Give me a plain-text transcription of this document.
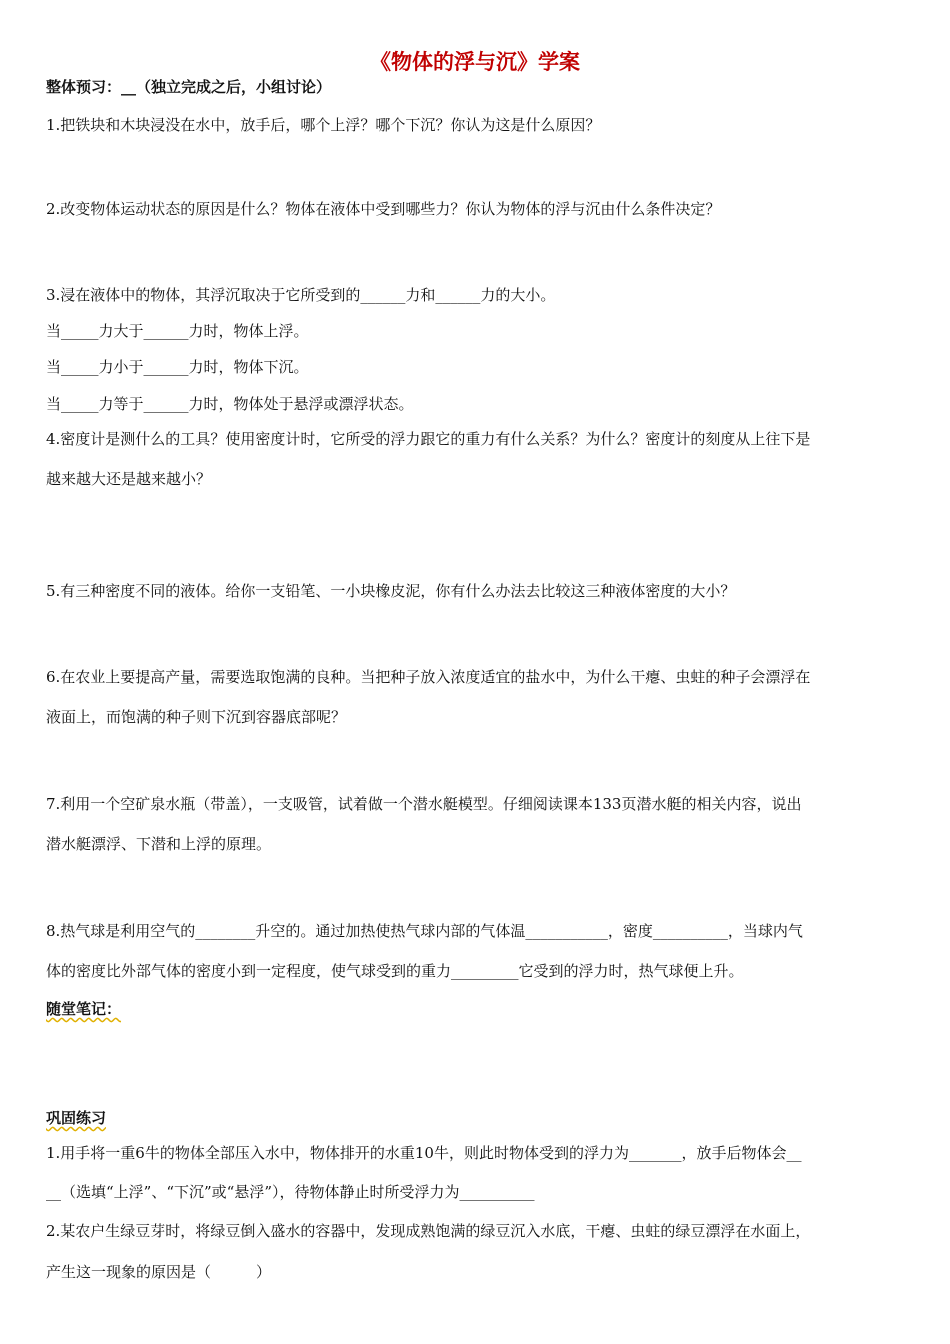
《物体的浮与沉》学案
整体预习：__（独立完成之后，小组讨论）
1.把铁块和木块浸没在水中，放手后，哪个上浮？哪个下沉？你认为这是什么原因？
2.改变物体运动状态的原因是什么？物体在液体中受到哪些力？你认为物体的浮与沉由什么条件决定？
3.浸在液体中的物体，其浮沉取决于它所受到的______力和______力的大小。
当_____力大于______力时，物体上浮。
当_____力小于______力时，物体下沉。
当_____力等于______力时，物体处于悬浮或漂浮状态。
4.密度计是测什么的工具？使用密度计时，它所受的浮力跟它的重力有什么关系？为什么？密度计的刻度从上往下是
越来越大还是越来越小？
5.有三种密度不同的液体。给你一支铅笔、一小块橡皮泥，你有什么办法去比较这三种液体密度的大小？
6.在农业上要提高产量，需要选取饱满的良种。当把种子放入浓度适宜的盐水中，为什么干瘪、虫蛀的种子会漂浮在
液面上，而饱满的种子则下沉到容器底部呢？
7.利用一个空矿泉水瓶（带盖），一支吸管，试着做一个潜水艇模型。仔细阅读课本133页潜水艇的相关内容，说出
潜水艇漂浮、下潜和上浮的原理。
8.热气球是利用空气的________升空的。通过加热使热气球内部的气体温___________，密度__________，当球内气
体的密度比外部气体的密度小到一定程度，使气球受到的重力_________它受到的浮力时，热气球便上升。
随堂笔记：
巩固练习
1.用手将一重6牛的物体全部压入水中，物体排开的水重10牛，则此时物体受到的浮力为_______，放手后物体会__
__（选填“上浮”、“下沉”或“悬浮”），待物体静止时所受浮力为__________
2.某农户生绿豆芽时，将绿豆倒入盛水的容器中，发现成熟饱满的绿豆沉入水底，干瘪、虫蛀的绿豆漂浮在水面上，
产生这一现象的原因是（　　　）
